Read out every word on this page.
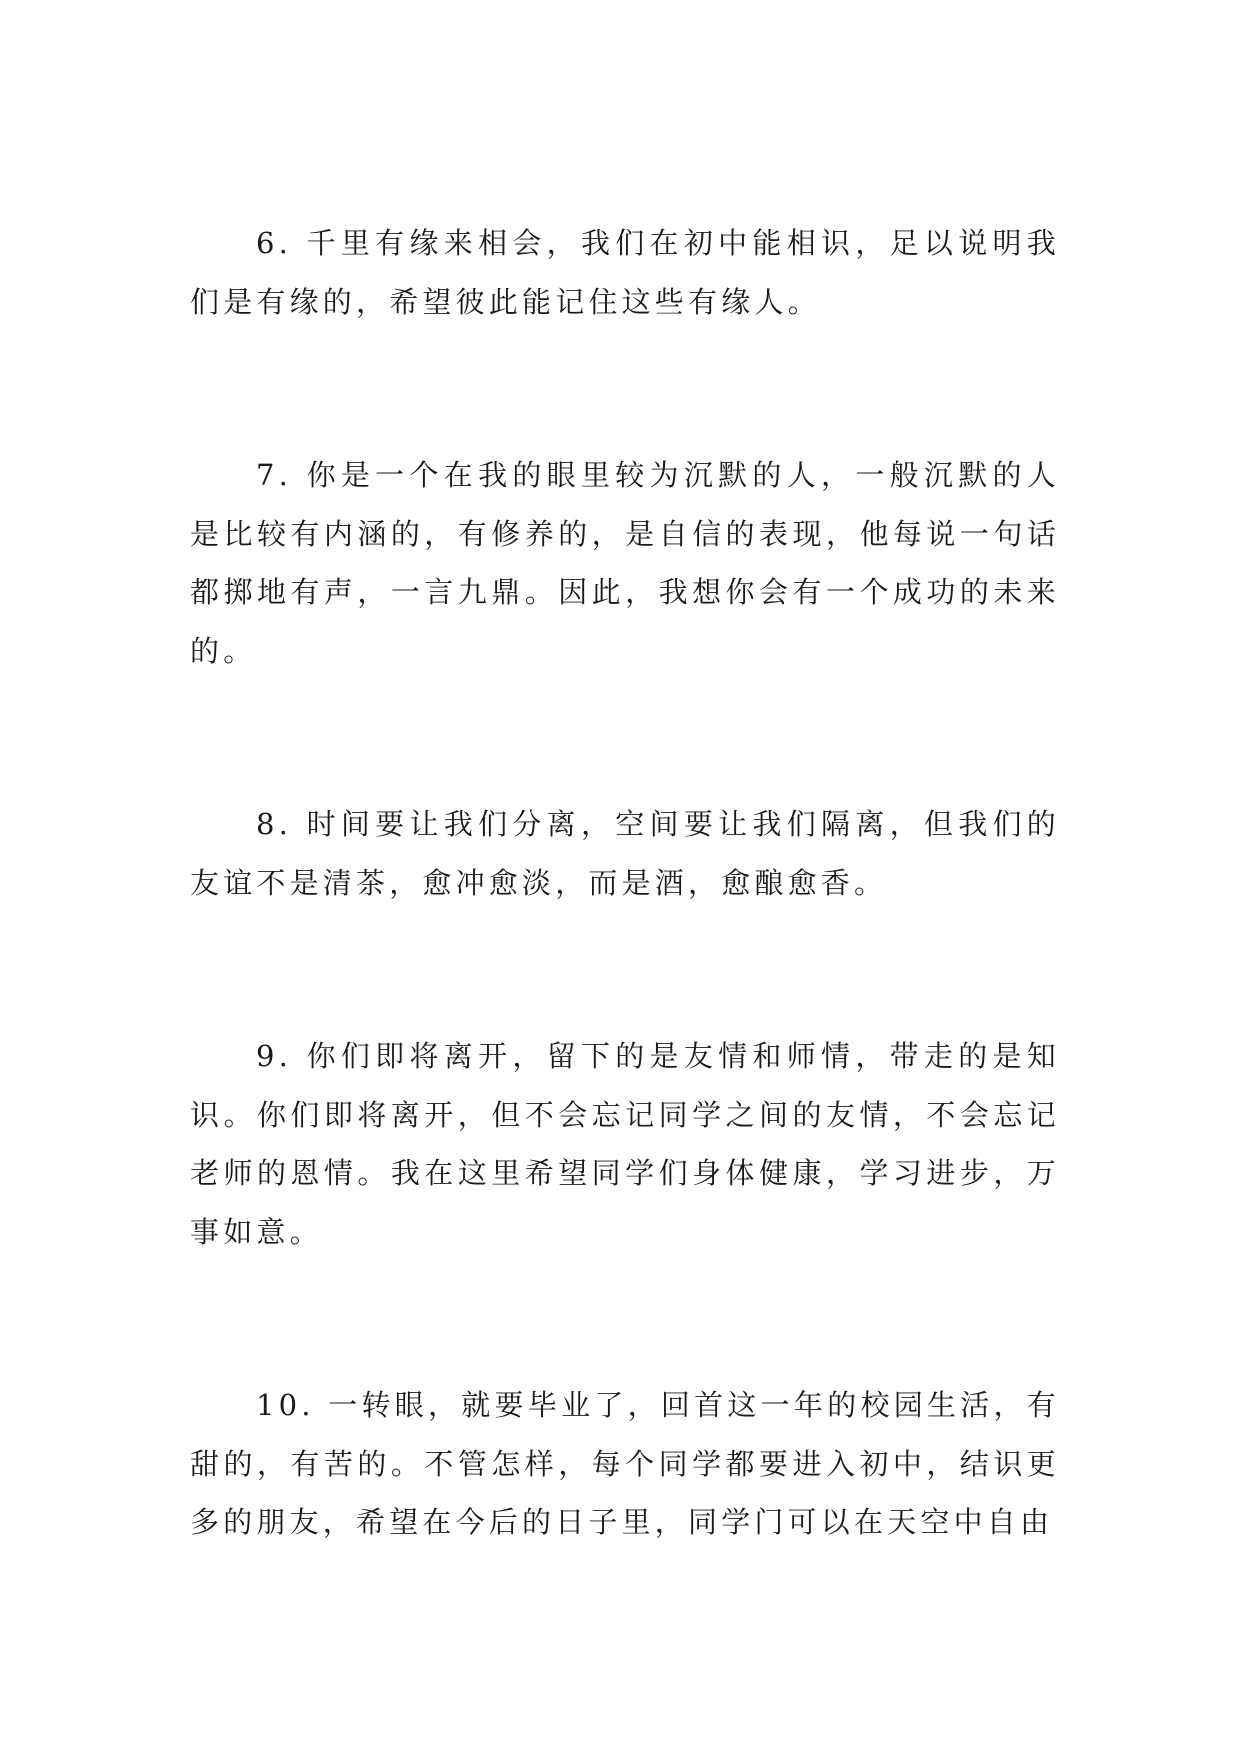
6. 千里有缘来相会，我们在初中能相识，足以说明我们是有缘的，希望彼此能记住这些有缘人。

7. 你是一个在我的眼里较为沉默的人，一般沉默的人是比较有内涵的，有修养的，是自信的表现，他每说一句话都掷地有声，一言九鼎。因此，我想你会有一个成功的未来的。

8. 时间要让我们分离，空间要让我们隔离，但我们的友谊不是清茶，愈冲愈淡，而是酒，愈酿愈香。

9. 你们即将离开，留下的是友情和师情，带走的是知识。你们即将离开，但不会忘记同学之间的友情，不会忘记老师的恩情。我在这里希望同学们身体健康，学习进步，万事如意。

10. 一转眼，就要毕业了，回首这一年的校园生活，有甜的，有苦的。不管怎样，每个同学都要进入初中，结识更多的朋友，希望在今后的日子里，同学门可以在天空中自由
